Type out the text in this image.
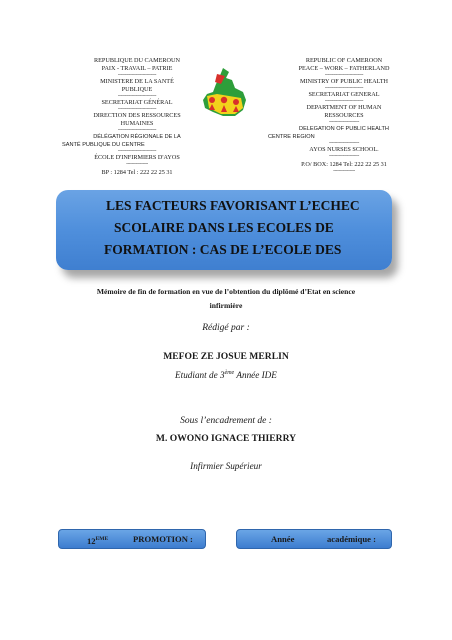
REPUBLIQUE DU CAMEROUN
PAIX - TRAVAIL – PATRIE
----------------------------
MINISTERE DE LA SANTÉ
PUBLIQUE
----------------------------
SECRETARIAT GÉNÉRAL
----------------------------
DIRECTION DES RESSOURCES
HUMAINES
----------------------------
DÉLÉGATION RÉGIONALE DE LA
SANTÉ PUBLIQUE DU CENTRE
----------------------------
ÉCOLE D'INFIRMIERS D'AYOS
----------------
BP : 1284 Tel : 222 22 25 31
REPUBLIC OF CAMEROON
PEACE – WORK – FATHERLAND
----------------------------
MINISTRY OF PUBLIC HEALTH
----------------------------
SECRETARIAT GENERAL
----------------------------
DEPARTMENT OF HUMAN
RESSOURCES
----------------------
DELEGATION OF PUBLIC HEALTH
CENTRE REGION
----------------------
AYOS NURSES SCHOOL.
----------------------
P.O/ BOX: 1284 Tel: 222 22 25 31
----------------
LES FACTEURS FAVORISANT L’ECHEC
SCOLAIRE DANS LES ECOLES DE
FORMATION : CAS DE L’ECOLE DES
Mémoire de fin de formation en vue de l’obtention du diplômé d’Etat en science
infirmière
Rédigé par :
MEFOE ZE JOSUE MERLIN
Etudiant de 3ème Année IDE
Sous l’encadrement de :
M. OWONO IGNACE THIERRY
Infirmier Supérieur
12EME	PROMOTION :	Année	académique :
